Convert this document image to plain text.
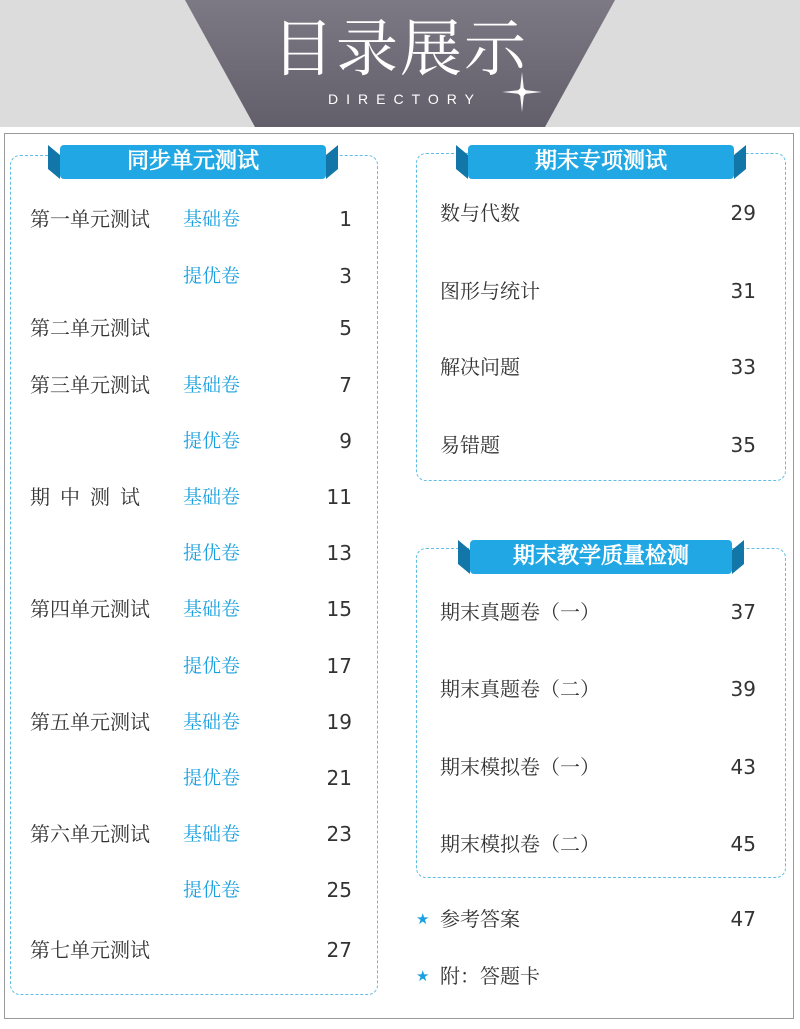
目录展示
DIRECTORY
同步单元测试
第一单元测试 基础卷	1
提优卷	3
第二单元测试	5
第三单元测试 基础卷	7
提优卷	9
期中测试 基础卷	11
提优卷	13
第四单元测试 基础卷	15
提优卷	17
第五单元测试 基础卷	19
提优卷	21
第六单元测试 基础卷	23
提优卷	25
第七单元测试	27
期末专项测试
数与代数	29
图形与统计	31
解决问题	33
易错题	35
期末教学质量检测
期末真题卷（一）	37
期末真题卷（二）	39
期末模拟卷（一）	43
期末模拟卷（二）	45
★ 参考答案	47
★ 附：答题卡
